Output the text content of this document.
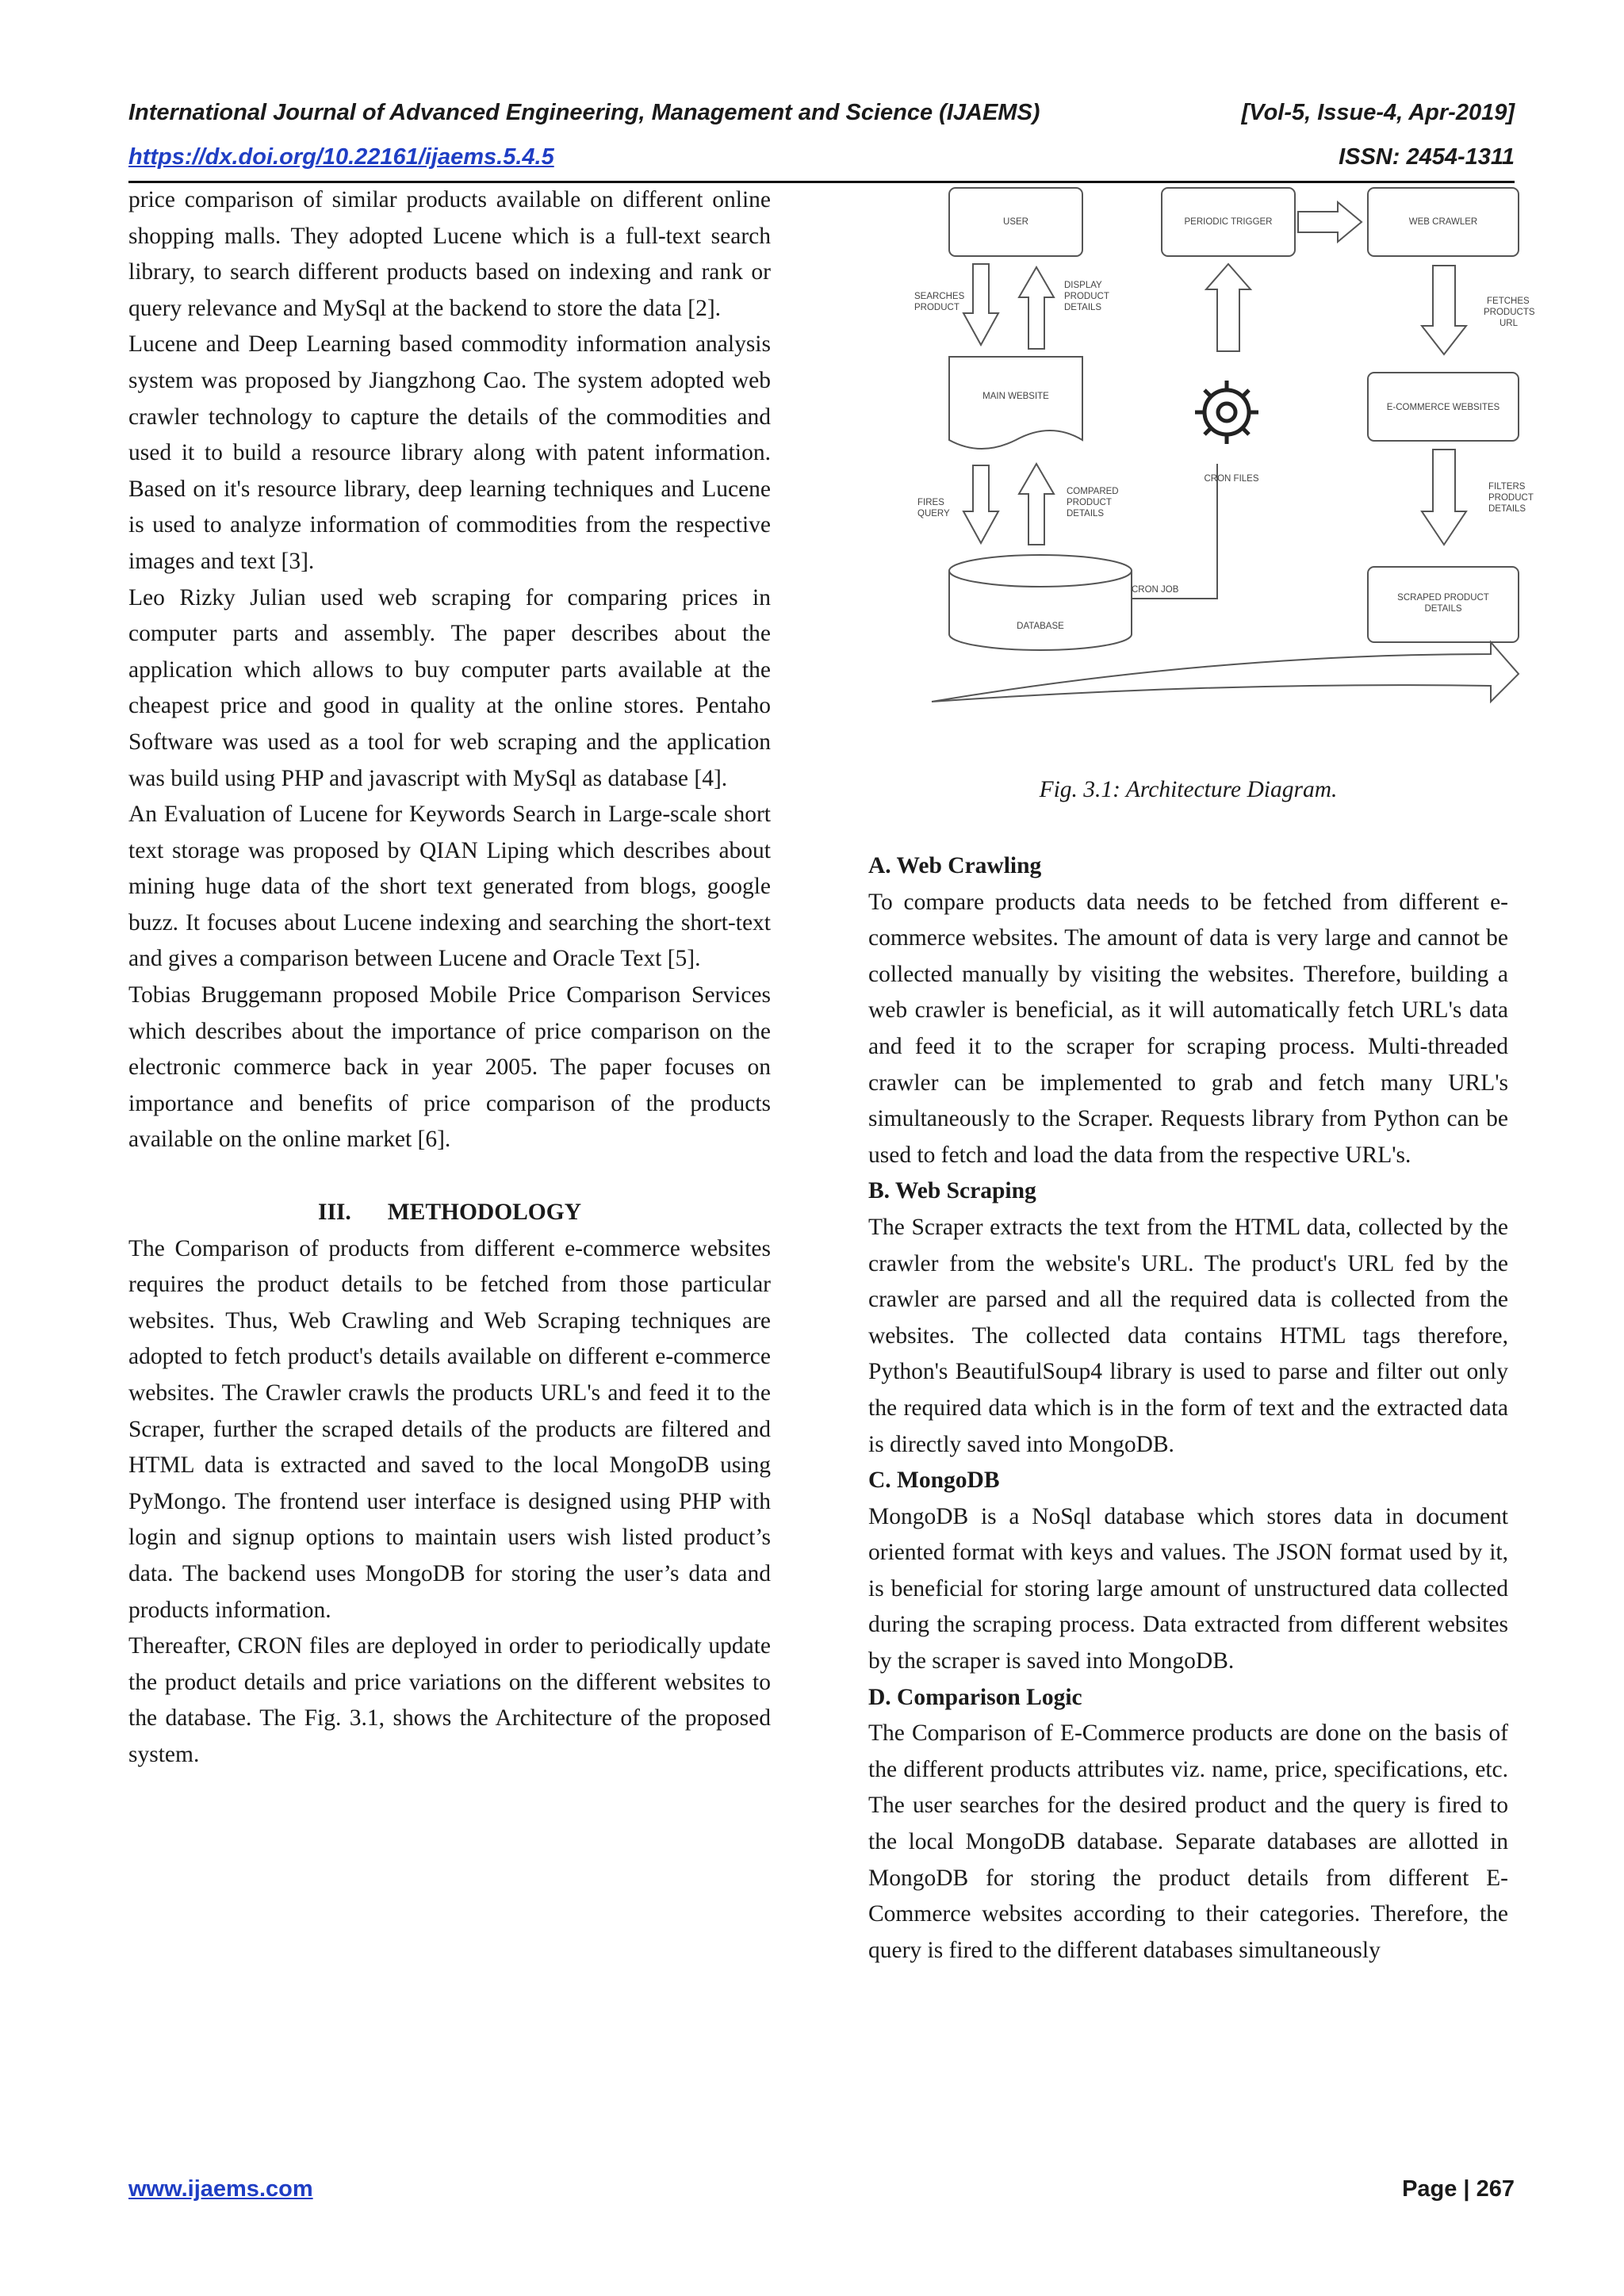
International Journal of Advanced Engineering, Management and Science (IJAEMS)	[Vol-5, Issue-4, Apr-2019]
https://dx.doi.org/10.22161/ijaems.5.4.5	ISSN: 2454-1311

price comparison of similar products available on different online shopping malls. They adopted Lucene which is a full-text search library, to search different products based on indexing and rank or query relevance and MySql at the backend to store the data [2].

Lucene and Deep Learning based commodity information analysis system was proposed by Jiangzhong Cao. The system adopted web crawler technology to capture the details of the commodities and used it to build a resource library along with patent information. Based on it's resource library, deep learning techniques and Lucene is used to analyze information of commodities from the respective images and text [3].

Leo Rizky Julian used web scraping for comparing prices in computer parts and assembly. The paper describes about the application which allows to buy computer parts available at the cheapest price and good in quality at the online stores. Pentaho Software was used as a tool for web scraping and the application was build using PHP and javascript with MySql as database [4].

An Evaluation of Lucene for Keywords Search in Large-scale short text storage was proposed by QIAN Liping which describes about mining huge data of the short text generated from blogs, google buzz. It focuses about Lucene indexing and searching the short-text and gives a comparison between Lucene and Oracle Text [5].

Tobias Bruggemann proposed Mobile Price Comparison Services which describes about the importance of price comparison on the electronic commerce back in year 2005. The paper focuses on importance and benefits of price comparison of the products available on the online market [6].

III. METHODOLOGY

The Comparison of products from different e-commerce websites requires the product details to be fetched from those particular websites. Thus, Web Crawling and Web Scraping techniques are adopted to fetch product's details available on different e-commerce websites. The Crawler crawls the products URL's and feed it to the Scraper, further the scraped details of the products are filtered and HTML data is extracted and saved to the local MongoDB using PyMongo. The frontend user interface is designed using PHP with login and signup options to maintain users wish listed product’s data. The backend uses MongoDB for storing the user’s data and products information.

Thereafter, CRON files are deployed in order to periodically update the product details and price variations on the different websites to the database. The Fig. 3.1, shows the Architecture of the proposed system.

USER	PERIODIC TRIGGER	WEB CRAWLER
SEARCHES
PRODUCT
DISPLAY
PRODUCT
DETAILS
FETCHES
PRODUCTS
URL
MAIN WEBSITE
E-COMMERCE WEBSITES
CRON FILES
FIRES
QUERY
COMPARED
PRODUCT
DETAILS
FILTERS
PRODUCT
DETAILS
CRON JOB
DATABASE
SCRAPED PRODUCT
DETAILS
Fig. 3.1: Architecture Diagram.

A. Web Crawling

To compare products data needs to be fetched from different e-commerce websites. The amount of data is very large and cannot be collected manually by visiting the websites. Therefore, building a web crawler is beneficial, as it will automatically fetch URL's data and feed it to the scraper for scraping process. Multi-threaded crawler can be implemented to grab and fetch many URL's simultaneously to the Scraper. Requests library from Python can be used to fetch and load the data from the respective URL's.

B. Web Scraping

The Scraper extracts the text from the HTML data, collected by the crawler from the website's URL. The product's URL fed by the crawler are parsed and all the required data is collected from the websites. The collected data contains HTML tags therefore, Python's BeautifulSoup4 library is used to parse and filter out only the required data which is in the form of text and the extracted data is directly saved into MongoDB.

C. MongoDB

MongoDB is a NoSql database which stores data in document oriented format with keys and values. The JSON format used by it, is beneficial for storing large amount of unstructured data collected during the scraping process. Data extracted from different websites by the scraper is saved into MongoDB.

D. Comparison Logic

The Comparison of E-Commerce products are done on the basis of the different products attributes viz. name, price, specifications, etc. The user searches for the desired product and the query is fired to the local MongoDB database. Separate databases are allotted in MongoDB for storing the product details from different E-Commerce websites according to their categories. Therefore, the query is fired to the different databases simultaneously

www.ijaems.com	Page | 267
